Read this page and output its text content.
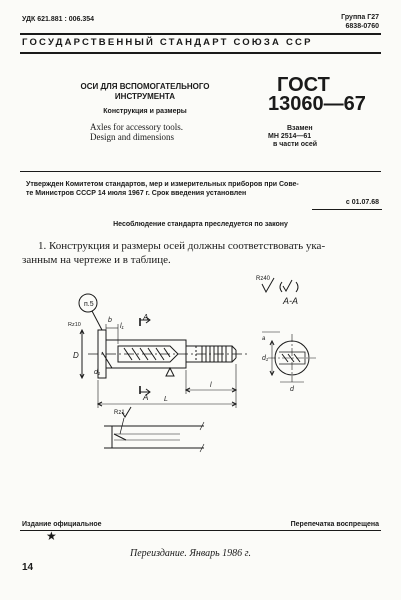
УДК 621.881 : 006.354	Группа Г27
6838-0760
ГОСУДАРСТВЕННЫЙ СТАНДАРТ СОЮЗА ССР
ОСИ ДЛЯ ВСПОМОГАТЕЛЬНОГО
ИНСТРУМЕНТА
Конструкция и размеры
Axles for accessory tools.
Design and dimensions
ГОСТ
13060—67
Взамен
МН 2514—61
в части осей
Утвержден Комитетом стандартов, мер и измерительных приборов при Сове-
те Министров СССР 14 июля 1967 г. Срок введения установлен
с 01.07.68
Несоблюдение стандарта преследуется по закону
1. Конструкция и размеры осей должны соответствовать ука-
занным на чертеже и в таблице.
Rz40
А-А
п.5
Rz10
D
d₁
b
l₁
А
А
l
L
a
d₁
d
Rz1
Издание официальное	Перепечатка воспрещена
★
Переиздание. Январь 1986 г.
14
